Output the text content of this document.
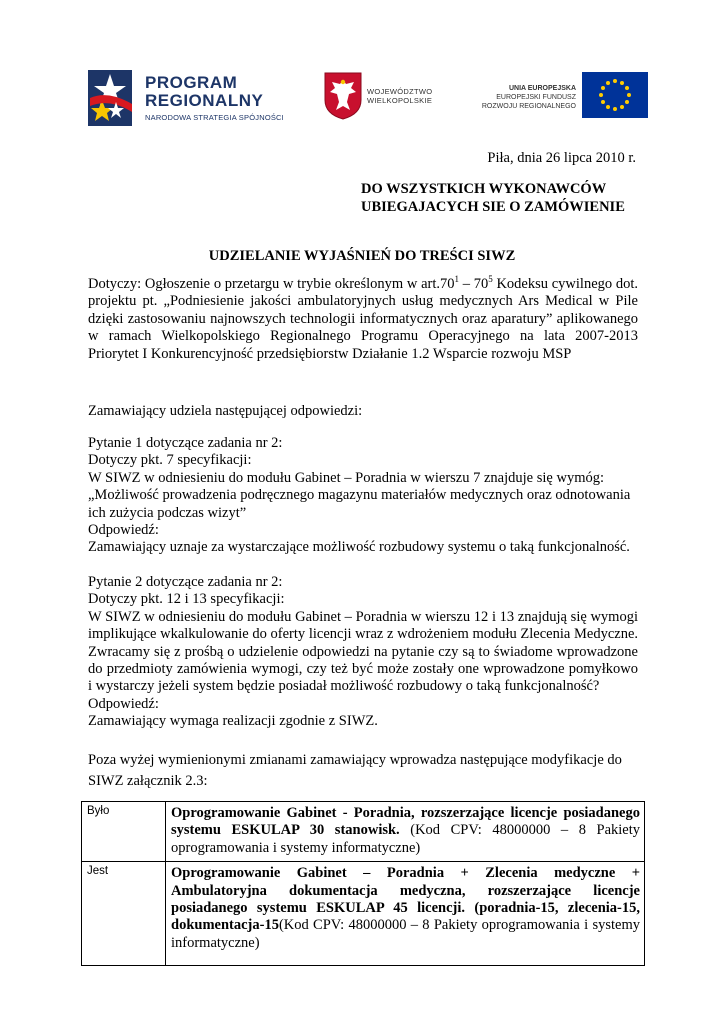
PROGRAM
REGIONALNY
NARODOWA STRATEGIA SPÓJNOŚCI
WOJEWÓDZTWO
WIELKOPOLSKIE
UNIA EUROPEJSKA
EUROPEJSKI FUNDUSZ
ROZWOJU REGIONALNEGO
Piła, dnia 26 lipca 2010 r.
DO WSZYSTKICH WYKONAWCÓW
UBIEGAJACYCH SIE O ZAMÓWIENIE
UDZIELANIE WYJAŚNIEŃ DO TREŚCI SIWZ
Dotyczy: Ogłoszenie o przetargu w trybie określonym w $art.70^1 - 70^5$ Kodeksu cywilnego dot. projektu pt. „Podniesienie jakości ambulatoryjnych usług medycznych Ars Medical w Pile dzięki zastosowaniu najnowszych technologii informatycznych oraz aparatury” aplikowanego w ramach Wielkopolskiego Regionalnego Programu Operacyjnego na lata 2007-2013 Priorytet I Konkurencyjność przedsiębiorstw Działanie 1.2 Wsparcie rozwoju MSP
Zamawiający udziela następującej odpowiedzi:

Pytanie 1 dotyczące zadania nr 2:

Dotyczy pkt. 7 specyfikacji:

W SIWZ w odniesieniu do modułu Gabinet – Poradnia w wierszu 7 znajduje się wymóg:

„Możliwość prowadzenia podręcznego magazynu materiałów medycznych oraz odnotowania ich zużycia podczas wizyt”

Odpowiedź:

Zamawiający uznaje za wystarczające możliwość rozbudowy systemu o taką funkcjonalność.

Pytanie 2 dotyczące zadania nr 2:

Dotyczy pkt. 12 i 13 specyfikacji:

W SIWZ w odniesieniu do modułu Gabinet – Poradnia w wierszu 12 i 13 znajdują się wymogi implikujące wkalkulowanie do oferty licencji wraz z wdrożeniem modułu Zlecenia Medyczne. Zwracamy się z prośbą o udzielenie odpowiedzi na pytanie czy są to świadome wprowadzone do przedmioty zamówienia wymogi, czy też być może zostały one wprowadzone pomyłkowo i wystarczy jeżeli system będzie posiadał możliwość rozbudowy o taką funkcjonalność?

Odpowiedź:

Zamawiający wymaga realizacji zgodnie z SIWZ.

Poza wyżej wymienionymi zmianami zamawiający wprowadza następujące modyfikacje do

SIWZ załącznik 2.3:

Było	Oprogramowanie Gabinet - Poradnia, rozszerzające licencje posiadanego systemu ESKULAP 30 stanowisk. (Kod CPV: 48000000 – 8 Pakiety oprogramowania i systemy informatyczne)
Jest	Oprogramowanie Gabinet – Poradnia + Zlecenia medyczne + Ambulatoryjna dokumentacja medyczna, rozszerzające licencje posiadanego systemu ESKULAP 45 licencji. (poradnia-15, zlecenia-15, dokumentacja-15(Kod CPV: 48000000 – 8 Pakiety oprogramowania i systemy informatyczne)
